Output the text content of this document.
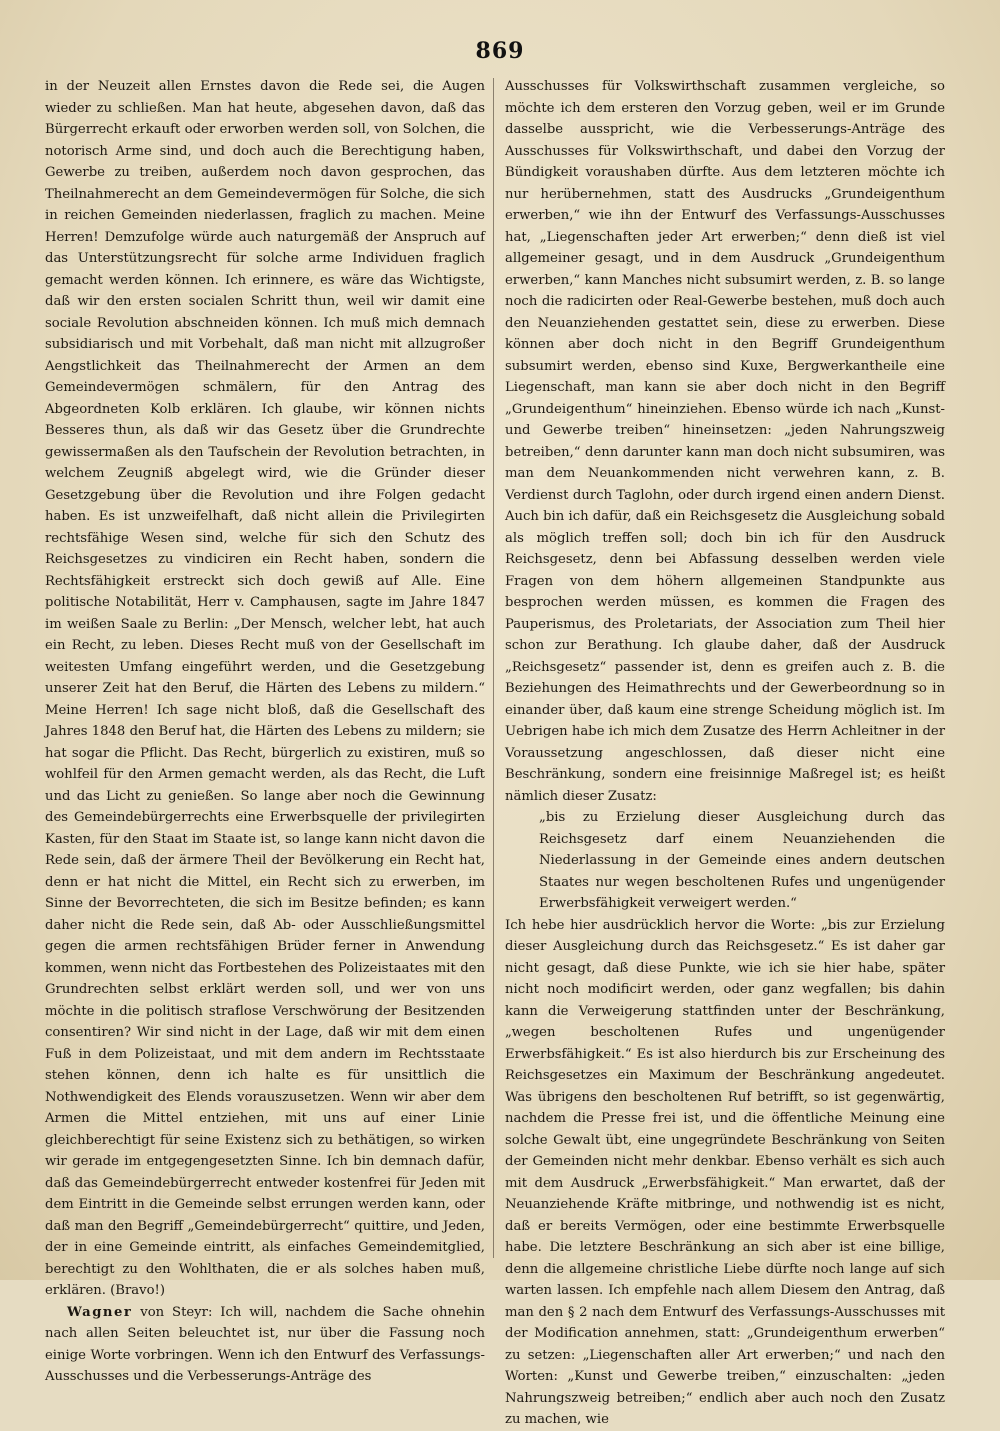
869

in der Neuzeit allen Ernstes davon die Rede sei, die Augen wieder zu schließen. Man hat heute, abgesehen davon, daß das Bürgerrecht erkauft oder erworben werden soll, von Solchen, die notorisch Arme sind, und doch auch die Berechtigung haben, Gewerbe zu treiben, außerdem noch davon gesprochen, das Theilnahmerecht an dem Gemeindevermögen für Solche, die sich in reichen Gemeinden niederlassen, fraglich zu machen. Meine Herren! Demzufolge würde auch naturgemäß der Anspruch auf das Unterstützungsrecht für solche arme Individuen fraglich gemacht werden können. Ich erinnere, es wäre das Wichtigste, daß wir den ersten socialen Schritt thun, weil wir damit eine sociale Revolution abschneiden können. Ich muß mich demnach subsidiarisch und mit Vorbehalt, daß man nicht mit allzugroßer Aengstlichkeit das Theilnahmerecht der Armen an dem Gemeindevermögen schmälern, für den Antrag des Abgeordneten Kolb erklären. Ich glaube, wir können nichts Besseres thun, als daß wir das Gesetz über die Grundrechte gewissermaßen als den Taufschein der Revolution betrachten, in welchem Zeugniß abgelegt wird, wie die Gründer dieser Gesetzgebung über die Revolution und ihre Folgen gedacht haben. Es ist unzweifelhaft, daß nicht allein die Privilegirten rechtsfähige Wesen sind, welche für sich den Schutz des Reichsgesetzes zu vindiciren ein Recht haben, sondern die Rechtsfähigkeit erstreckt sich doch gewiß auf Alle. Eine politische Notabilität, Herr v. Camphausen, sagte im Jahre 1847 im weißen Saale zu Berlin: „Der Mensch, welcher lebt, hat auch ein Recht, zu leben. Dieses Recht muß von der Gesellschaft im weitesten Umfang eingeführt werden, und die Gesetzgebung unserer Zeit hat den Beruf, die Härten des Lebens zu mildern.“ Meine Herren! Ich sage nicht bloß, daß die Gesellschaft des Jahres 1848 den Beruf hat, die Härten des Lebens zu mildern; sie hat sogar die Pflicht. Das Recht, bürgerlich zu existiren, muß so wohlfeil für den Armen gemacht werden, als das Recht, die Luft und das Licht zu genießen. So lange aber noch die Gewinnung des Gemeindebürgerrechts eine Erwerbsquelle der privilegirten Kasten, für den Staat im Staate ist, so lange kann nicht davon die Rede sein, daß der ärmere Theil der Bevölkerung ein Recht hat, denn er hat nicht die Mittel, ein Recht sich zu erwerben, im Sinne der Bevorrechteten, die sich im Besitze befinden; es kann daher nicht die Rede sein, daß Ab- oder Ausschließungsmittel gegen die armen rechtsfähigen Brüder ferner in Anwendung kommen, wenn nicht das Fortbestehen des Polizeistaates mit den Grundrechten selbst erklärt werden soll, und wer von uns möchte in die politisch straflose Verschwörung der Besitzenden consentiren? Wir sind nicht in der Lage, daß wir mit dem einen Fuß in dem Polizeistaat, und mit dem andern im Rechtsstaate stehen können, denn ich halte es für unsittlich die Nothwendigkeit des Elends vorauszusetzen. Wenn wir aber dem Armen die Mittel entziehen, mit uns auf einer Linie gleichberechtigt für seine Existenz sich zu bethätigen, so wirken wir gerade im entgegengesetzten Sinne. Ich bin demnach dafür, daß das Gemeindebürgerrecht entweder kostenfrei für Jeden mit dem Eintritt in die Gemeinde selbst errungen werden kann, oder daß man den Begriff „Gemeindebürgerrecht“ quittire, und Jeden, der in eine Gemeinde eintritt, als einfaches Gemeindemitglied, berechtigt zu den Wohlthaten, die er als solches haben muß, erklären. (Bravo!)

Wagner von Steyr: Ich will, nachdem die Sache ohnehin nach allen Seiten beleuchtet ist, nur über die Fassung noch einige Worte vorbringen. Wenn ich den Entwurf des Verfassungs-Ausschusses und die Verbesserungs-Anträge des

Ausschusses für Volkswirthschaft zusammen vergleiche, so möchte ich dem ersteren den Vorzug geben, weil er im Grunde dasselbe ausspricht, wie die Verbesserungs-Anträge des Ausschusses für Volkswirthschaft, und dabei den Vorzug der Bündigkeit voraushaben dürfte. Aus dem letzteren möchte ich nur herübernehmen, statt des Ausdrucks „Grundeigenthum erwerben,“ wie ihn der Entwurf des Verfassungs-Ausschusses hat, „Liegenschaften jeder Art erwerben;“ denn dieß ist viel allgemeiner gesagt, und in dem Ausdruck „Grundeigenthum erwerben,“ kann Manches nicht subsumirt werden, z. B. so lange noch die radicirten oder Real-Gewerbe bestehen, muß doch auch den Neuanziehenden gestattet sein, diese zu erwerben. Diese können aber doch nicht in den Begriff Grundeigenthum subsumirt werden, ebenso sind Kuxe, Bergwerkantheile eine Liegenschaft, man kann sie aber doch nicht in den Begriff „Grundeigenthum“ hineinziehen. Ebenso würde ich nach „Kunst- und Gewerbe treiben“ hineinsetzen: „jeden Nahrungszweig betreiben,“ denn darunter kann man doch nicht subsumiren, was man dem Neuankommenden nicht verwehren kann, z. B. Verdienst durch Taglohn, oder durch irgend einen andern Dienst. Auch bin ich dafür, daß ein Reichsgesetz die Ausgleichung sobald als möglich treffen soll; doch bin ich für den Ausdruck Reichsgesetz, denn bei Abfassung desselben werden viele Fragen von dem höhern allgemeinen Standpunkte aus besprochen werden müssen, es kommen die Fragen des Pauperismus, des Proletariats, der Association zum Theil hier schon zur Berathung. Ich glaube daher, daß der Ausdruck „Reichsgesetz“ passender ist, denn es greifen auch z. B. die Beziehungen des Heimathrechts und der Gewerbeordnung so in einander über, daß kaum eine strenge Scheidung möglich ist. Im Uebrigen habe ich mich dem Zusatze des Herrn Achleitner in der Voraussetzung angeschlossen, daß dieser nicht eine Beschränkung, sondern eine freisinnige Maßregel ist; es heißt nämlich dieser Zusatz:

„bis zu Erzielung dieser Ausgleichung durch das Reichsgesetz darf einem Neuanziehenden die Niederlassung in der Gemeinde eines andern deutschen Staates nur wegen bescholtenen Rufes und ungenügender Erwerbsfähigkeit verweigert werden.“

Ich hebe hier ausdrücklich hervor die Worte: „bis zur Erzielung dieser Ausgleichung durch das Reichsgesetz.“ Es ist daher gar nicht gesagt, daß diese Punkte, wie ich sie hier habe, später nicht noch modificirt werden, oder ganz wegfallen; bis dahin kann die Verweigerung stattfinden unter der Beschränkung, „wegen bescholtenen Rufes und ungenügender Erwerbsfähigkeit.“ Es ist also hierdurch bis zur Erscheinung des Reichsgesetzes ein Maximum der Beschränkung angedeutet. Was übrigens den bescholtenen Ruf betrifft, so ist gegenwärtig, nachdem die Presse frei ist, und die öffentliche Meinung eine solche Gewalt übt, eine ungegründete Beschränkung von Seiten der Gemeinden nicht mehr denkbar. Ebenso verhält es sich auch mit dem Ausdruck „Erwerbsfähigkeit.“ Man erwartet, daß der Neuanziehende Kräfte mitbringe, und nothwendig ist es nicht, daß er bereits Vermögen, oder eine bestimmte Erwerbsquelle habe. Die letztere Beschränkung an sich aber ist eine billige, denn die allgemeine christliche Liebe dürfte noch lange auf sich warten lassen. Ich empfehle nach allem Diesem den Antrag, daß man den § 2 nach dem Entwurf des Verfassungs-Ausschusses mit der Modification annehmen, statt: „Grundeigenthum erwerben“ zu setzen: „Liegenschaften aller Art erwerben;“ und nach den Worten: „Kunst und Gewerbe treiben,“ einzuschalten: „jeden Nahrungszweig betreiben;“ endlich aber auch noch den Zusatz zu machen, wie
